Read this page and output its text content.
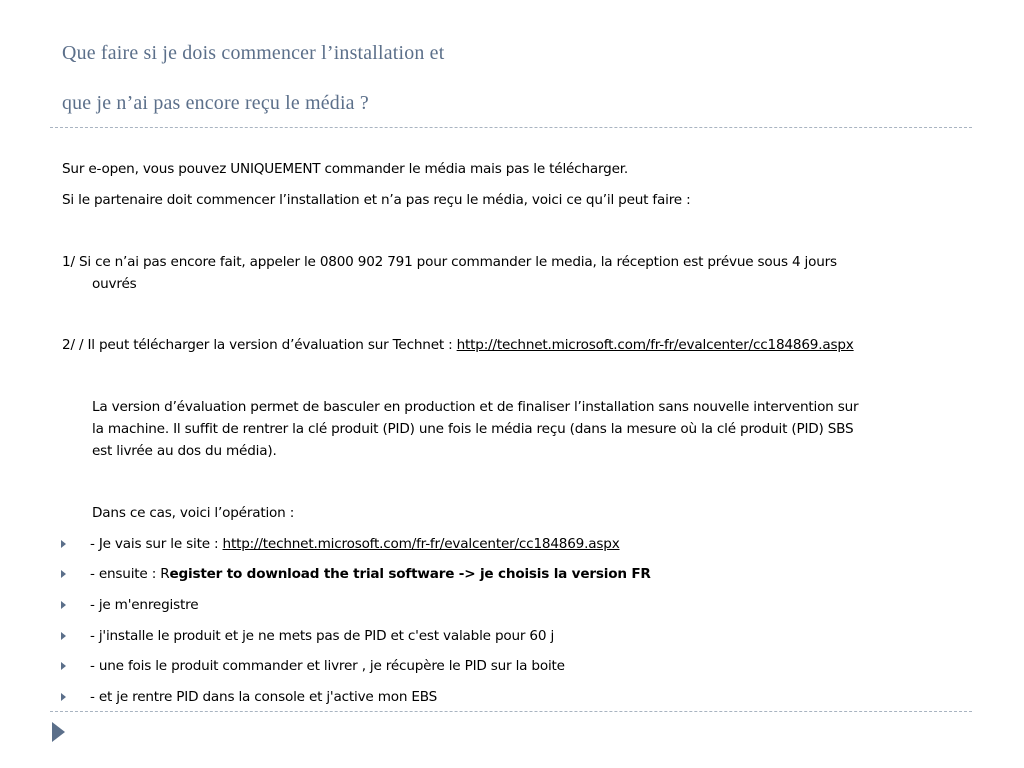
Que faire si je dois commencer l’installation et
que je n’ai pas encore reçu le média ?

Sur e-open, vous pouvez UNIQUEMENT commander le média mais pas le télécharger.

Si le partenaire doit commencer l’installation et n’a pas reçu le média, voici ce qu’il peut faire :

1/ Si ce n’ai pas encore fait, appeler le 0800 902 791 pour commander le media, la réception est prévue sous 4 jours

ouvrés

2/ / Il peut télécharger la version d’évaluation sur Technet : http://technet.microsoft.com/fr-fr/evalcenter/cc184869.aspx

La version d’évaluation permet de basculer en production et de finaliser l’installation sans nouvelle intervention sur

la machine. Il suffit de rentrer la clé produit (PID) une fois le média reçu (dans la mesure où la clé produit (PID) SBS

est livrée au dos du média).

Dans ce cas, voici l’opération :

- Je vais sur le site : http://technet.microsoft.com/fr-fr/evalcenter/cc184869.aspx

- ensuite : Register to download the trial software -> je choisis la version FR

- je m'enregistre

- j'installe le produit et je ne mets pas de PID et c'est valable pour 60 j

- une fois le produit commander et livrer , je récupère le PID sur la boite

- et je rentre PID dans la console et j'active mon EBS
